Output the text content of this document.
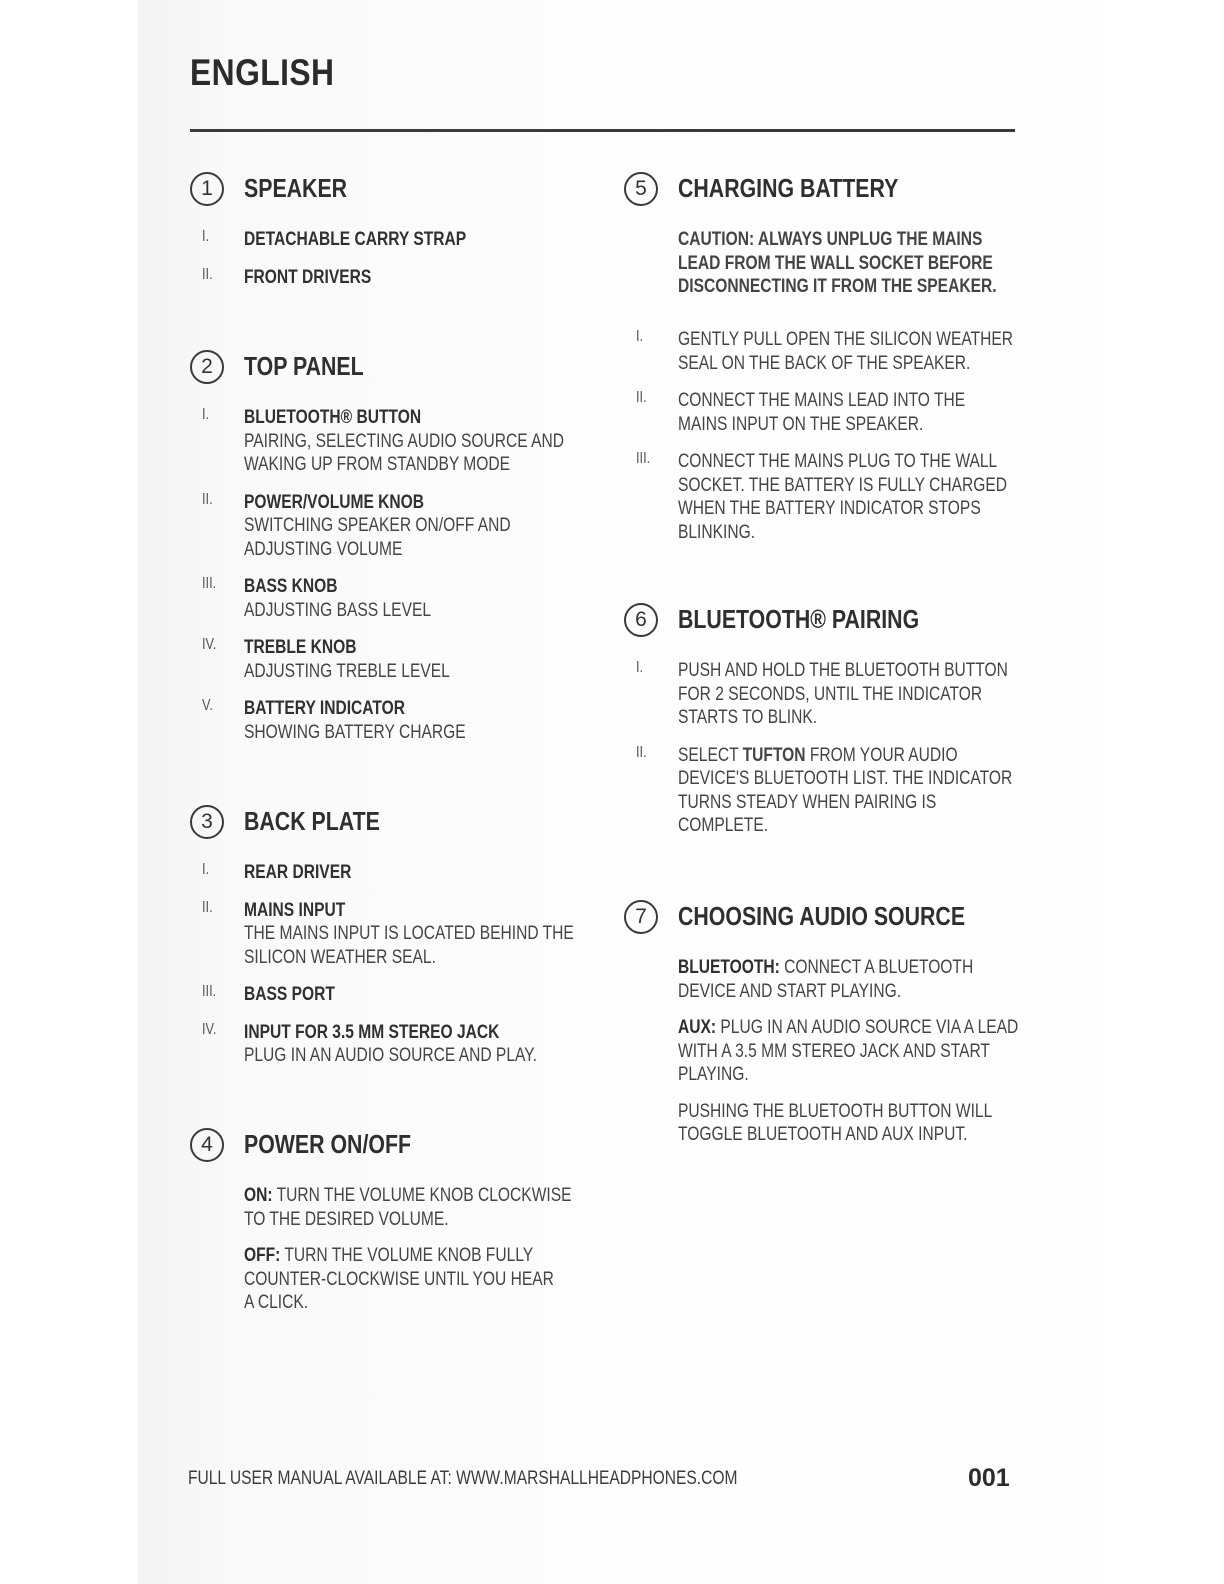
ENGLISH
1	SPEAKER
I. DETACHABLE CARRY STRAP
II. FRONT DRIVERS
2	TOP PANEL
I. BLUETOOTH® BUTTON
PAIRING, SELECTING AUDIO SOURCE AND
WAKING UP FROM STANDBY MODE
II. POWER/VOLUME KNOB
SWITCHING SPEAKER ON/OFF AND
ADJUSTING VOLUME
III. BASS KNOB
ADJUSTING BASS LEVEL
IV. TREBLE KNOB
ADJUSTING TREBLE LEVEL
V. BATTERY INDICATOR
SHOWING BATTERY CHARGE
3	BACK PLATE
I. REAR DRIVER
II. MAINS INPUT
THE MAINS INPUT IS LOCATED BEHIND THE
SILICON WEATHER SEAL.
III. BASS PORT
IV. INPUT FOR 3.5 MM STEREO JACK
PLUG IN AN AUDIO SOURCE AND PLAY.
4	POWER ON/OFF
ON: TURN THE VOLUME KNOB CLOCKWISE
TO THE DESIRED VOLUME.
OFF: TURN THE VOLUME KNOB FULLY
COUNTER-CLOCKWISE UNTIL YOU HEAR
A CLICK.
5	CHARGING BATTERY
CAUTION: ALWAYS UNPLUG THE MAINS
LEAD FROM THE WALL SOCKET BEFORE
DISCONNECTING IT FROM THE SPEAKER.
I. GENTLY PULL OPEN THE SILICON WEATHER
SEAL ON THE BACK OF THE SPEAKER.
II. CONNECT THE MAINS LEAD INTO THE
MAINS INPUT ON THE SPEAKER.
III. CONNECT THE MAINS PLUG TO THE WALL
SOCKET. THE BATTERY IS FULLY CHARGED
WHEN THE BATTERY INDICATOR STOPS
BLINKING.
6	BLUETOOTH® PAIRING
I. PUSH AND HOLD THE BLUETOOTH BUTTON
FOR 2 SECONDS, UNTIL THE INDICATOR
STARTS TO BLINK.
II. SELECT TUFTON FROM YOUR AUDIO
DEVICE'S BLUETOOTH LIST. THE INDICATOR
TURNS STEADY WHEN PAIRING IS
COMPLETE.
7	CHOOSING AUDIO SOURCE
BLUETOOTH: CONNECT A BLUETOOTH
DEVICE AND START PLAYING.
AUX: PLUG IN AN AUDIO SOURCE VIA A LEAD
WITH A 3.5 MM STEREO JACK AND START
PLAYING.
PUSHING THE BLUETOOTH BUTTON WILL
TOGGLE BLUETOOTH AND AUX INPUT.
FULL USER MANUAL AVAILABLE AT: WWW.MARSHALLHEADPHONES.COM	001
